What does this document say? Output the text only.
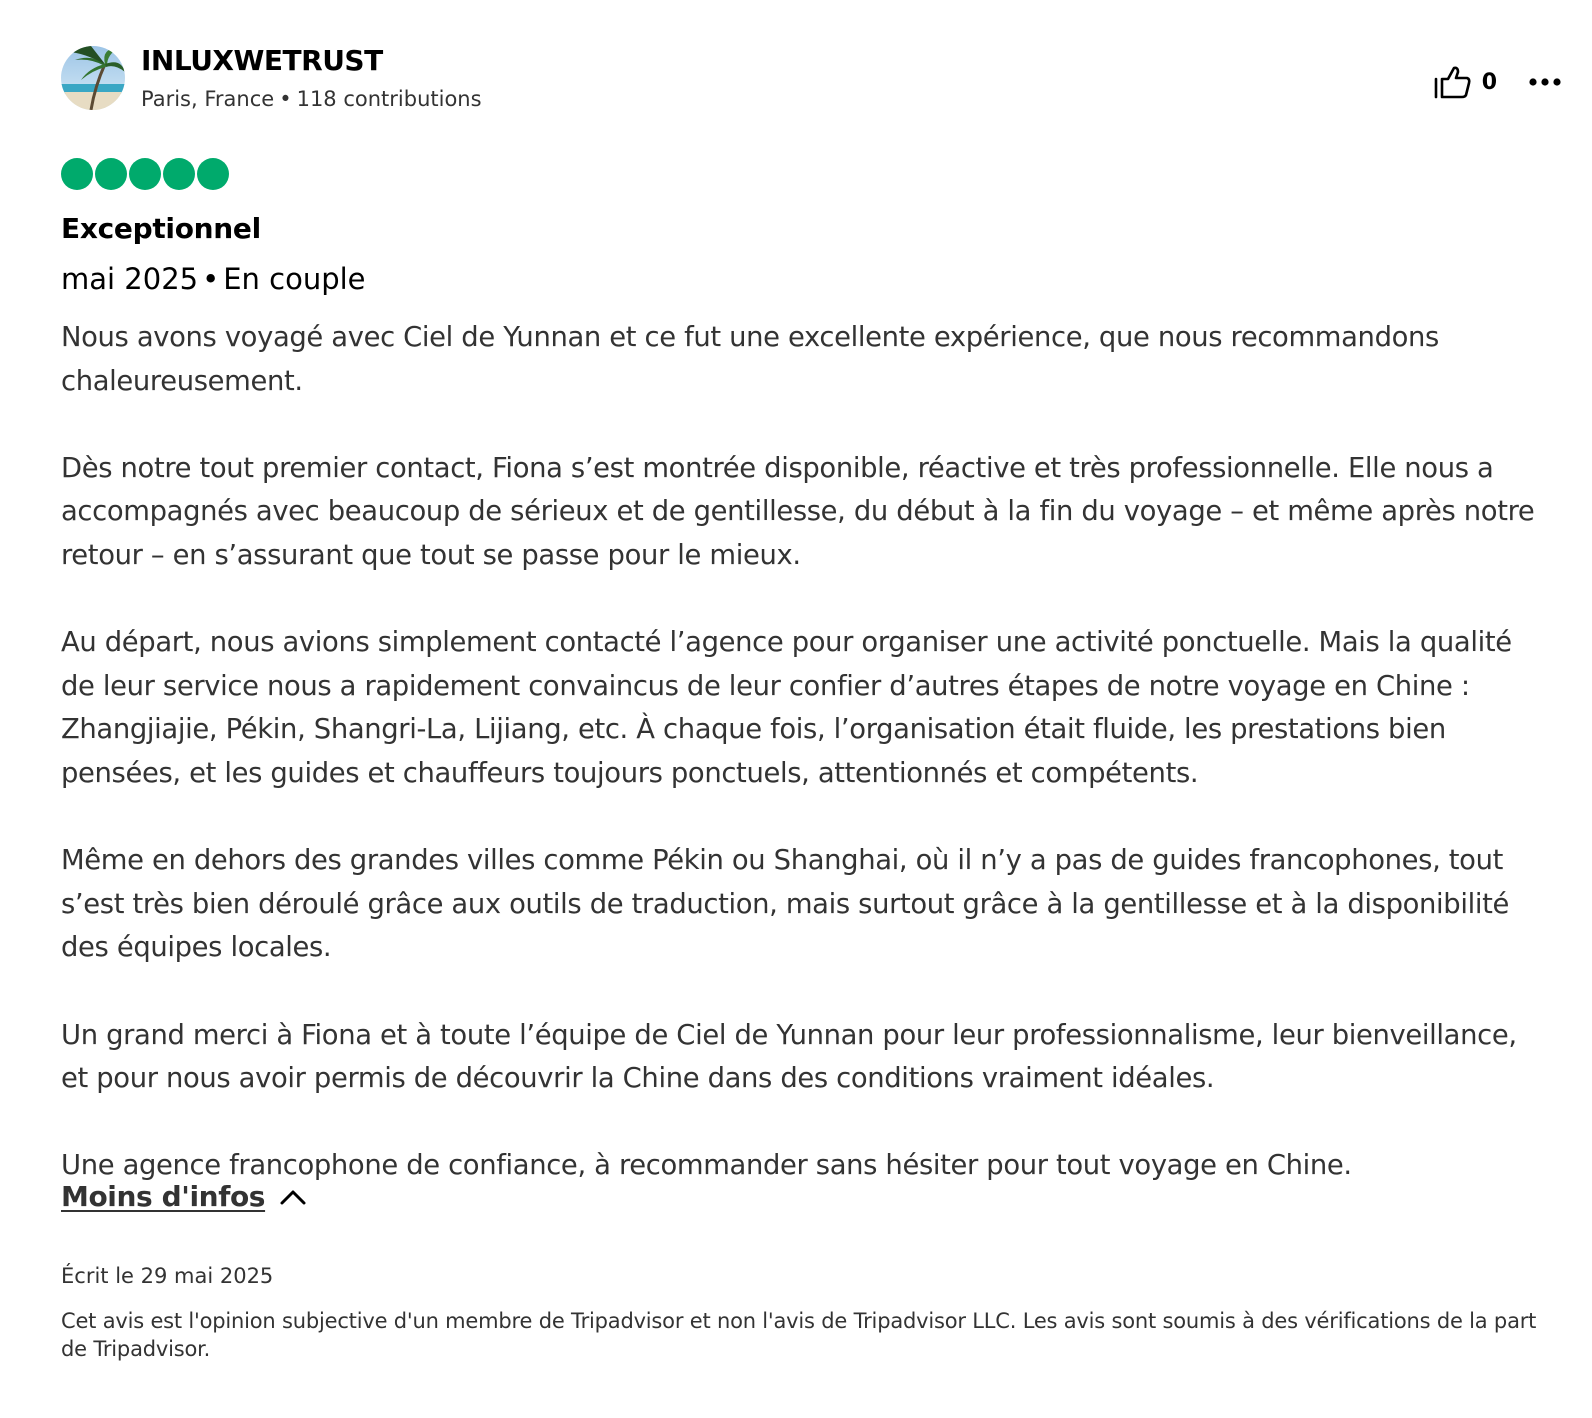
INLUXWETRUST
Paris, France • 118 contributions
0
Exceptionnel
mai 2025 • En couple

Nous avons voyagé avec Ciel de Yunnan et ce fut une excellente expérience, que nous recommandons chaleureusement.

Dès notre tout premier contact, Fiona s’est montrée disponible, réactive et très professionnelle. Elle nous a accompagnés avec beaucoup de sérieux et de gentillesse, du début à la fin du voyage – et même après notre retour – en s’assurant que tout se passe pour le mieux.

Au départ, nous avions simplement contacté l’agence pour organiser une activité ponctuelle. Mais la qualité de leur service nous a rapidement convaincus de leur confier d’autres étapes de notre voyage en Chine : Zhangjiajie, Pékin, Shangri-La, Lijiang, etc. À chaque fois, l’organisation était fluide, les prestations bien pensées, et les guides et chauffeurs toujours ponctuels, attentionnés et compétents.

Même en dehors des grandes villes comme Pékin ou Shanghai, où il n’y a pas de guides francophones, tout s’est très bien déroulé grâce aux outils de traduction, mais surtout grâce à la gentillesse et à la disponibilité des équipes locales.

Un grand merci à Fiona et à toute l’équipe de Ciel de Yunnan pour leur professionnalisme, leur bienveillance, et pour nous avoir permis de découvrir la Chine dans des conditions vraiment idéales.

Une agence francophone de confiance, à recommander sans hésiter pour tout voyage en Chine.

Moins d'infos
Écrit le 29 mai 2025
Cet avis est l'opinion subjective d'un membre de Tripadvisor et non l'avis de Tripadvisor LLC. Les avis sont soumis à des vérifications de la part de Tripadvisor.
